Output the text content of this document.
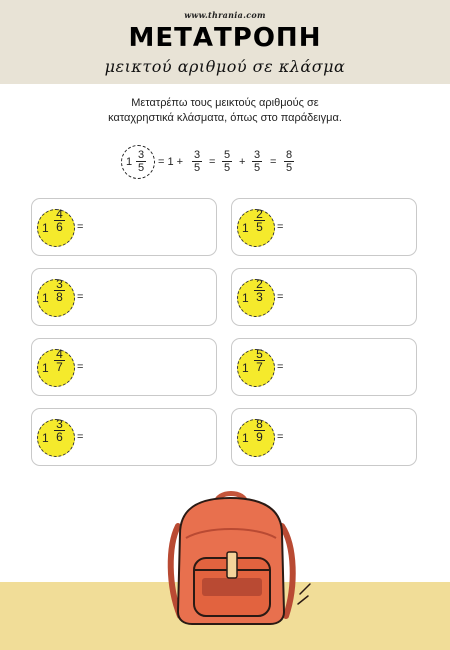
www.thrania.com
ΜΕΤΑΤΡΟΠΗ
μεικτού αριθμού σε κλάσμα
Μετατρέπω τους μεικτούς αριθμούς σε
καταχρηστικά κλάσματα, όπως στο παράδειγμα.
1
3
5 = 1 +
3
5 =
5
5 +
3
5 =
8
5
1
4
6 =	1
2
5 =
1
3
8 =	1
2
3 =
1
4
7 =	1
5
7 =
1
3
6 =	1
8
9 =
